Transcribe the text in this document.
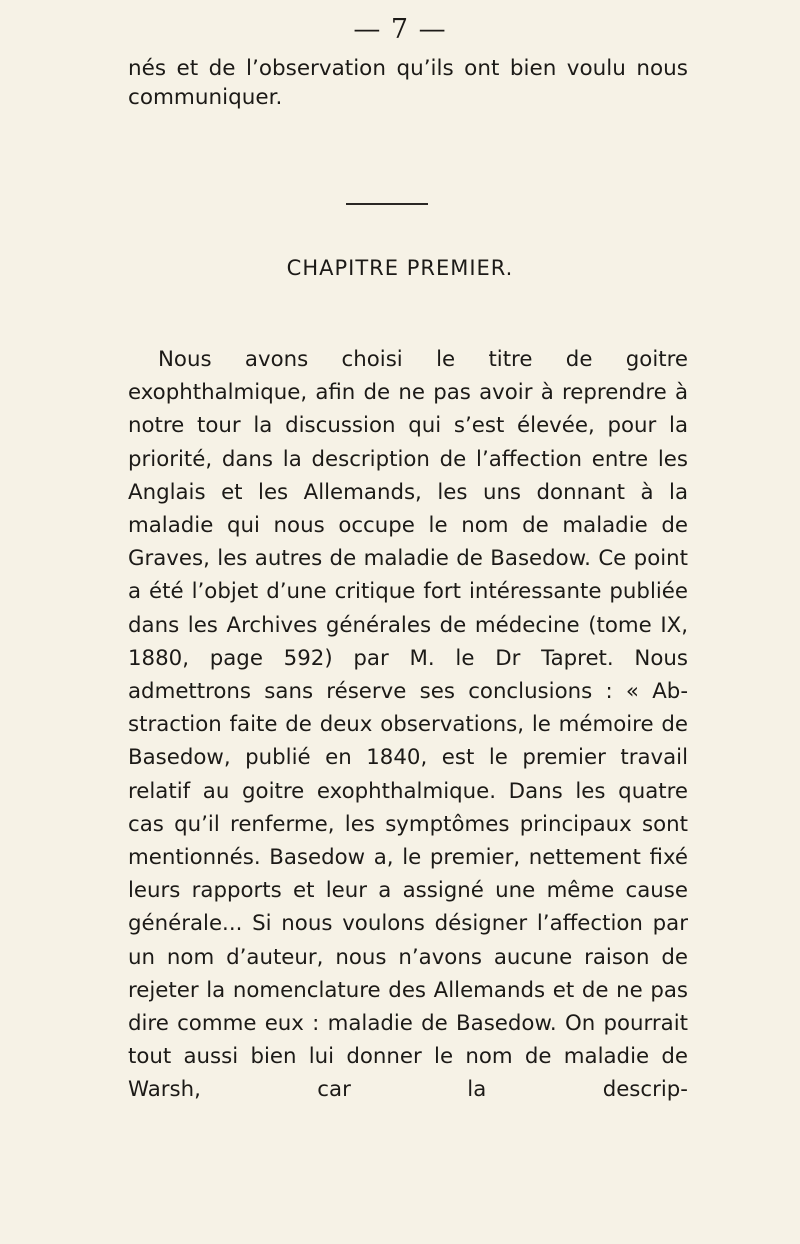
— 7 —
nés et de l’observation qu’ils ont bien voulu nous communiquer.
CHAPITRE PREMIER.
Nous avons choisi le titre de goitre exophthalmique, afin de ne pas avoir à reprendre à notre tour la discussion qui s’est élevée, pour la priorité, dans la description de l’affection entre les Anglais et les Allemands, les uns donnant à la maladie qui nous occupe le nom de maladie de Graves, les autres de maladie de Basedow. Ce point a été l’objet d’une critique fort intéressante publiée dans les Archives générales de médecine (tome IX, 1880, page 592) par M. le Dr Tapret. Nous admettrons sans réserve ses conclusions : « Abstraction faite de deux observations, le mémoire de Basedow, publié en 1840, est le premier travail relatif au goitre exophthalmique. Dans les quatre cas qu’il renferme, les symptômes principaux sont mentionnés. Basedow a, le premier, nettement fixé leurs rapports et leur a assigné une même cause générale... Si nous voulons désigner l’affection par un nom d’auteur, nous n’avons aucune raison de rejeter la nomenclature des Allemands et de ne pas dire comme eux : maladie de Basedow. On pourrait tout aussi bien lui donner le nom de maladie de Warsh, car la descrip-
